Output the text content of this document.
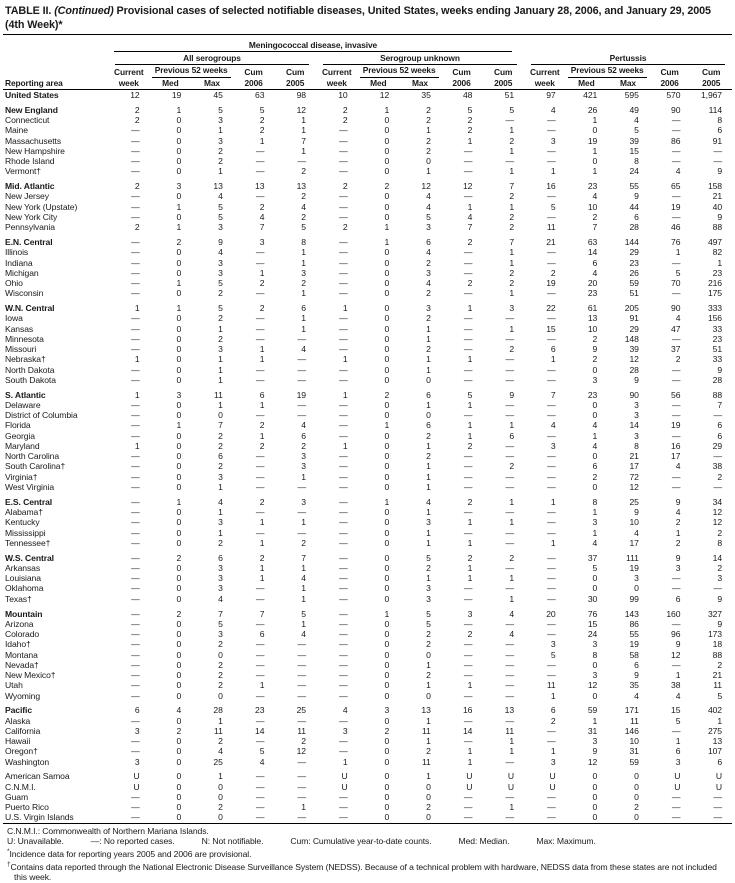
TABLE II. (Continued) Provisional cases of selected notifiable diseases, United States, weeks ending January 28, 2006, and January 29, 2005
(4th Week)*

	Meningococcal disease, invasive														

	All serogroups					Serogroup unknown					Pertussis				

	Current	Previous 52 weeks		Cum	Cum	Current	Previous 52 weeks		Cum	Cum	Current	Previous 52 weeks		Cum	Cum
Reporting area	week	Med	Max	2006	2005	week	Med	Max	2006	2005	week	Med	Max	2006	2005
United States	12	19	45	63	98	10	12	35	48	51	97	421	595	570	1,967

New England	2	1	5	5	12	2	1	2	5	5	4	26	49	90	114
Connecticut	2	0	3	2	1	2	0	2	2	—	—	1	4	—	8
Maine	—	0	1	2	1	—	0	1	2	1	—	0	5	—	6
Massachusetts	—	0	3	1	7	—	0	2	1	2	3	19	39	86	91
New Hampshire	—	0	2	—	1	—	0	2	—	1	—	1	15	—	—
Rhode Island	—	0	2	—	—	—	0	0	—	—	—	0	8	—	—
Vermont†	—	0	1	—	2	—	0	1	—	1	1	1	24	4	9

Mid. Atlantic	2	3	13	13	13	2	2	12	12	7	16	23	55	65	158
New Jersey	—	0	4	—	2	—	0	4	—	2	—	4	9	—	21
New York (Upstate)	—	1	5	2	4	—	0	4	1	1	5	10	44	19	40
New York City	—	0	5	4	2	—	0	5	4	2	—	2	6	—	9
Pennsylvania	2	1	3	7	5	2	1	3	7	2	11	7	28	46	88

E.N. Central	—	2	9	3	8	—	1	6	2	7	21	63	144	76	497
Illinois	—	0	4	—	1	—	0	4	—	1	—	14	29	1	82
Indiana	—	0	3	—	1	—	0	2	—	1	—	6	23	—	1
Michigan	—	0	3	1	3	—	0	3	—	2	2	4	26	5	23
Ohio	—	1	5	2	2	—	0	4	2	2	19	20	59	70	216
Wisconsin	—	0	2	—	1	—	0	2	—	1	—	23	51	—	175

W.N. Central	1	1	5	2	6	1	0	3	1	3	22	61	205	90	333
Iowa	—	0	2	—	1	—	0	2	—	—	—	13	91	4	156
Kansas	—	0	1	—	1	—	0	1	—	1	15	10	29	47	33
Minnesota	—	0	2	—	—	—	0	1	—	—	—	2	148	—	23
Missouri	—	0	3	1	4	—	0	2	—	2	6	9	39	37	51
Nebraska†	1	0	1	1	—	1	0	1	1	—	1	2	12	2	33
North Dakota	—	0	1	—	—	—	0	1	—	—	—	0	28	—	9
South Dakota	—	0	1	—	—	—	0	0	—	—	—	3	9	—	28

S. Atlantic	1	3	11	6	19	1	2	6	5	9	7	23	90	56	88
Delaware	—	0	1	1	—	—	0	1	1	—	—	0	3	—	7
District of Columbia	—	0	0	—	—	—	0	0	—	—	—	0	3	—	—
Florida	—	1	7	2	4	—	1	6	1	1	4	4	14	19	6
Georgia	—	0	2	1	6	—	0	2	1	6	—	1	3	—	6
Maryland	1	0	2	2	2	1	0	1	2	—	3	4	8	16	29
North Carolina	—	0	6	—	3	—	0	2	—	—	—	0	21	17	—
South Carolina†	—	0	2	—	3	—	0	1	—	2	—	6	17	4	38
Virginia†	—	0	3	—	1	—	0	1	—	—	—	2	72	—	2
West Virginia	—	0	1	—	—	—	0	1	—	—	—	0	12	—	—

E.S. Central	—	1	4	2	3	—	1	4	2	1	1	8	25	9	34
Alabama†	—	0	1	—	—	—	0	1	—	—	—	1	9	4	12
Kentucky	—	0	3	1	1	—	0	3	1	1	—	3	10	2	12
Mississippi	—	0	1	—	—	—	0	1	—	—	—	1	4	1	2
Tennessee†	—	0	2	1	2	—	0	1	1	—	1	4	17	2	8

W.S. Central	—	2	6	2	7	—	0	5	2	2	—	37	111	9	14
Arkansas	—	0	3	1	1	—	0	2	1	—	—	5	19	3	2
Louisiana	—	0	3	1	4	—	0	1	1	1	—	0	3	—	3
Oklahoma	—	0	3	—	1	—	0	3	—	—	—	0	0	—	—
Texas†	—	0	4	—	1	—	0	3	—	1	—	30	99	6	9

Mountain	—	2	7	7	5	—	1	5	3	4	20	76	143	160	327
Arizona	—	0	5	—	1	—	0	5	—	—	—	15	86	—	9
Colorado	—	0	3	6	4	—	0	2	2	4	—	24	55	96	173
Idaho†	—	0	2	—	—	—	0	2	—	—	3	3	19	9	18
Montana	—	0	0	—	—	—	0	0	—	—	5	8	58	12	88
Nevada†	—	0	2	—	—	—	0	1	—	—	—	0	6	—	2
New Mexico†	—	0	2	—	—	—	0	2	—	—	—	3	9	1	21
Utah	—	0	2	1	—	—	0	1	1	—	11	12	35	38	11
Wyoming	—	0	0	—	—	—	0	0	—	—	1	0	4	4	5

Pacific	6	4	28	23	25	4	3	13	16	13	6	59	171	15	402
Alaska	—	0	1	—	—	—	0	1	—	—	2	1	11	5	1
California	3	2	11	14	11	3	2	11	14	11	—	31	146	—	275
Hawaii	—	0	2	—	2	—	0	1	—	1	—	3	10	1	13
Oregon†	—	0	4	5	12	—	0	2	1	1	1	9	31	6	107
Washington	3	0	25	4	—	1	0	11	1	—	3	12	59	3	6

American Samoa	U	0	1	—	—	U	0	1	U	U	U	0	0	U	U
C.N.M.I.	U	0	0	—	—	U	0	0	U	U	U	0	0	U	U
Guam	—	0	0	—	—	—	0	0	—	—	—	0	0	—	—
Puerto Rico	—	0	2	—	1	—	0	2	—	1	—	0	2	—	—
U.S. Virgin Islands	—	0	0	—	—	—	0	0	—	—	—	0	0	—	—
C.N.M.I.: Commonwealth of Northern Mariana Islands.
U: Unavailable.	—: No reported cases.	N: Not notifiable.	Cum: Cumulative year-to-date counts.	Med: Median.	Max: Maximum.
*Incidence data for reporting years 2005 and 2006 are provisional.
†Contains data reported through the National Electronic Disease Surveillance System (NEDSS). Because of a technical problem with hardware, NEDSS data from these states are not included this week.
